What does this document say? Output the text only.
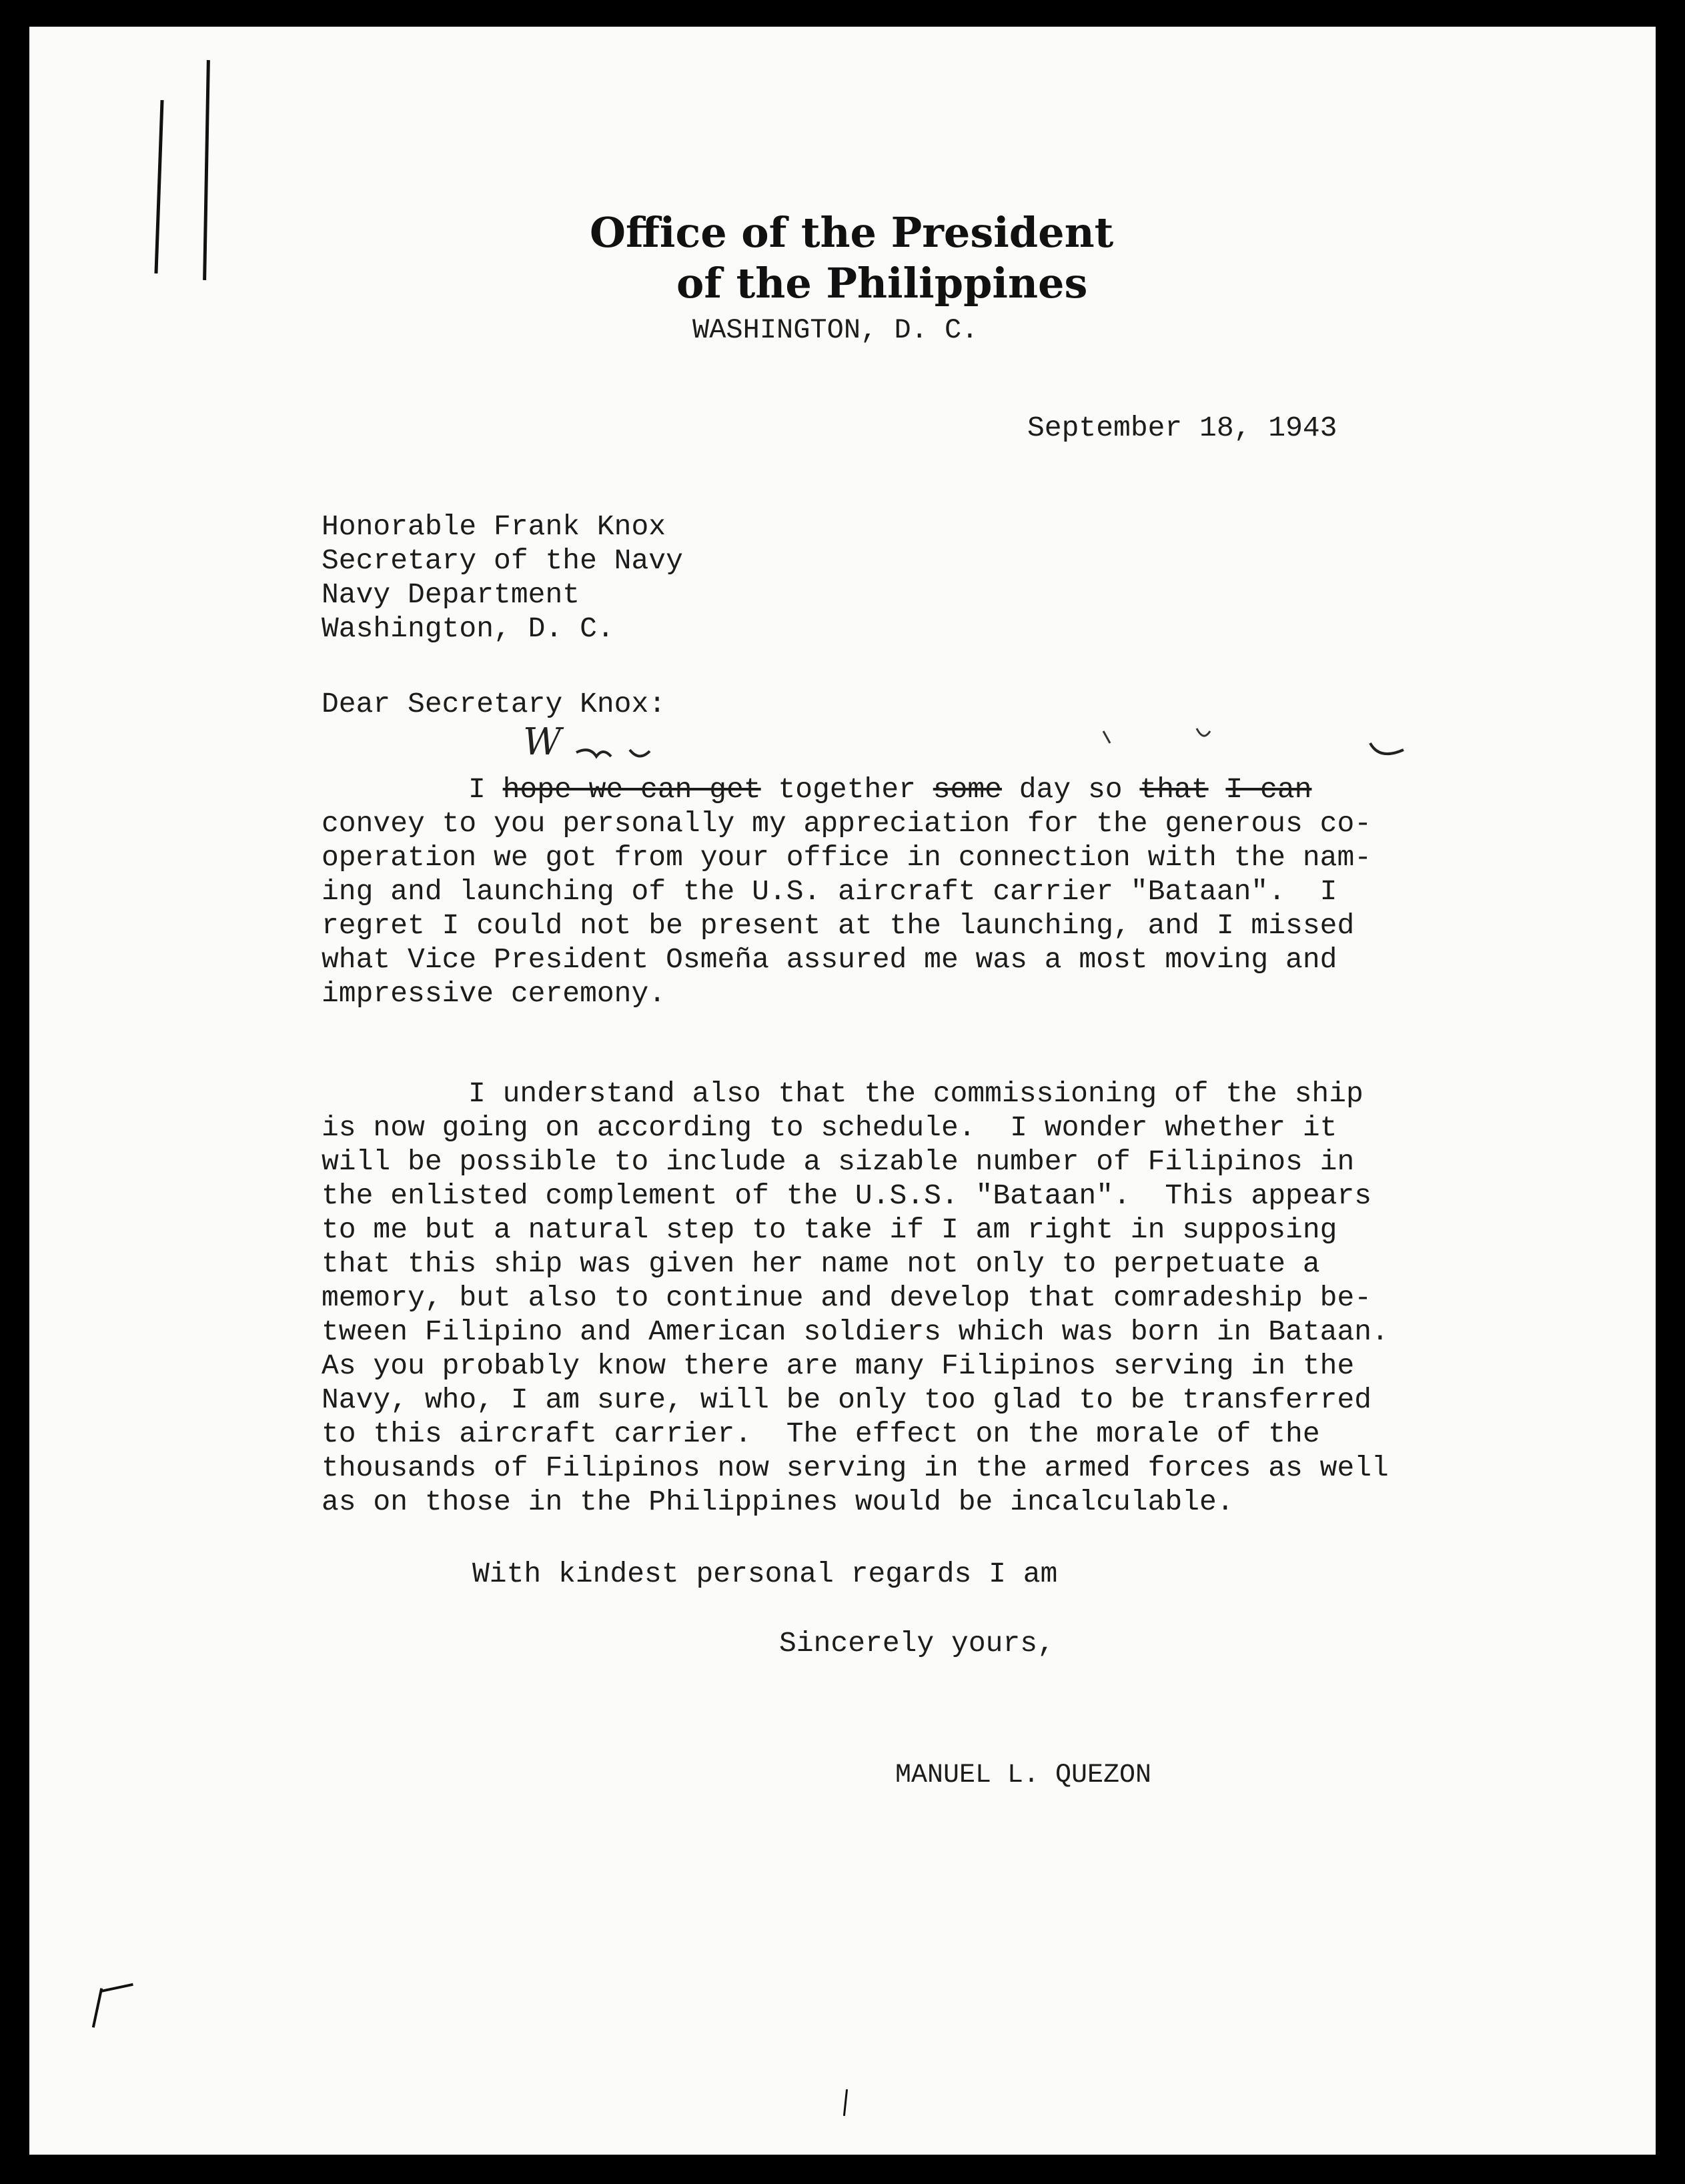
Office of the President
of the Philippines
WASHINGTON, D. C.
September 18, 1943
Honorable Frank Knox
Secretary of the Navy
Navy Department
Washington, D. C.
Dear Secretary Knox:
W
I hope we can get together some day so that I can
convey to you personally my appreciation for the generous co-
operation we got from your office in connection with the nam-
ing and launching of the U.S. aircraft carrier "Bataan".  I
regret I could not be present at the launching, and I missed
what Vice President Osmeña assured me was a most moving and
impressive ceremony.
I understand also that the commissioning of the ship
is now going on according to schedule.  I wonder whether it
will be possible to include a sizable number of Filipinos in
the enlisted complement of the U.S.S. "Bataan".  This appears
to me but a natural step to take if I am right in supposing
that this ship was given her name not only to perpetuate a
memory, but also to continue and develop that comradeship be-
tween Filipino and American soldiers which was born in Bataan.
As you probably know there are many Filipinos serving in the
Navy, who, I am sure, will be only too glad to be transferred
to this aircraft carrier.  The effect on the morale of the
thousands of Filipinos now serving in the armed forces as well
as on those in the Philippines would be incalculable.
With kindest personal regards I am
Sincerely yours,
MANUEL L. QUEZON
